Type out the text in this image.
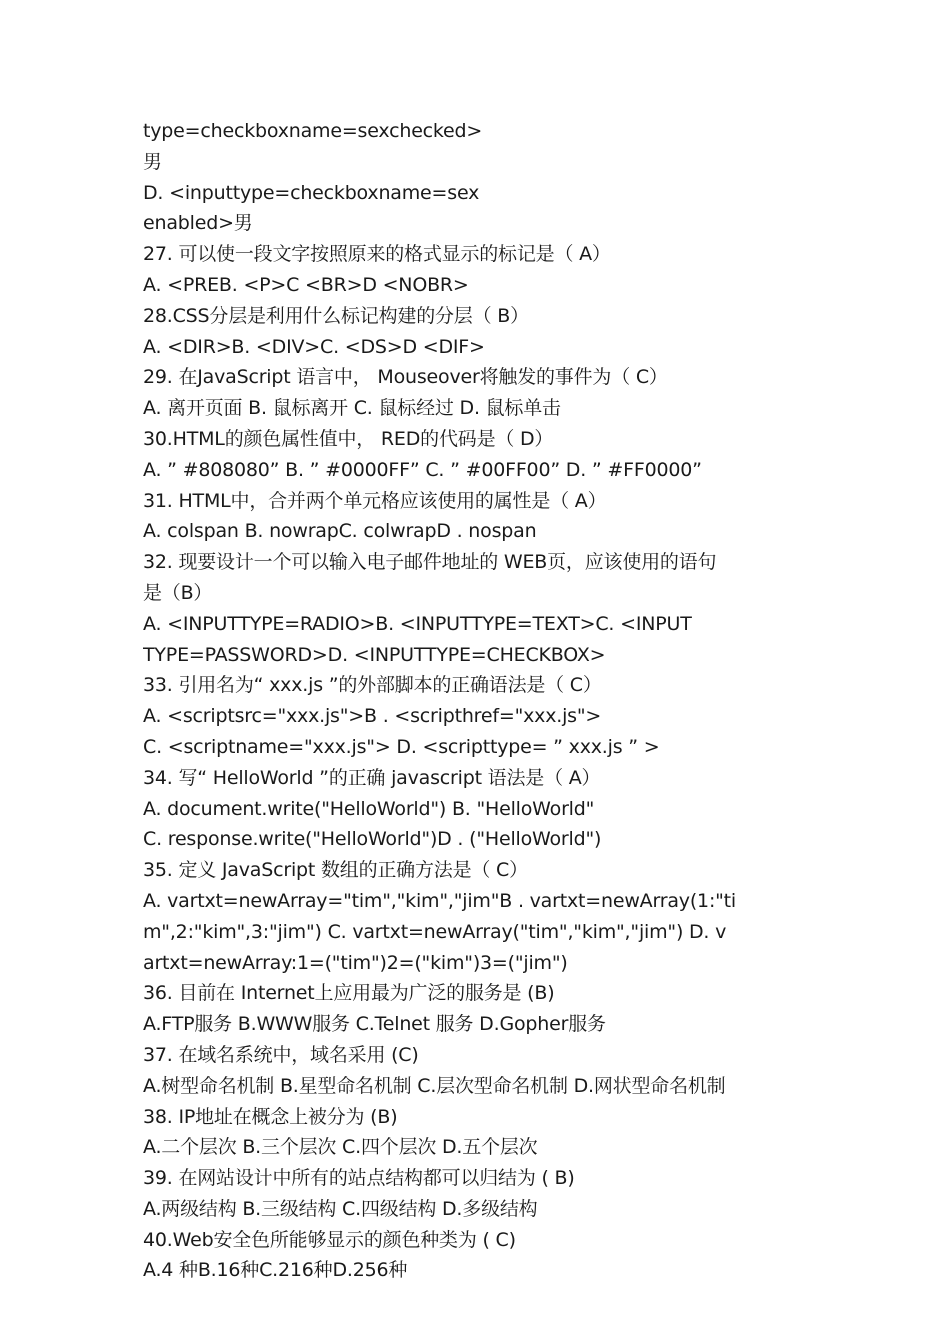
type=checkboxname=sexchecked>
男
D. <inputtype=checkboxname=sex
enabled>男
27. 可以使一段文字按照原来的格式显示的标记是（ A）
A. <PREB. <P>C <BR>D <NOBR>
28.CSS分层是利用什么标记构建的分层（ B）
A. <DIR>B. <DIV>C. <DS>D <DIF>
29. 在JavaScript 语言中， Mouseover将触发的事件为（ C）
A. 离开页面 B. 鼠标离开 C. 鼠标经过 D. 鼠标单击
30.HTML的颜色属性值中， RED的代码是（ D）
A. ” #808080” B. ” #0000FF” C. ” #00FF00” D. ” #FF0000”
31. HTML中，合并两个单元格应该使用的属性是（ A）
A. colspan B. nowrapC. colwrapD . nospan
32. 现要设计一个可以输入电子邮件地址的 WEB页，应该使用的语句
是（B）
A. <INPUTTYPE=RADIO>B. <INPUTTYPE=TEXT>C. <INPUT
TYPE=PASSWORD>D. <INPUTTYPE=CHECKBOX>
33. 引用名为“ xxx.js ”的外部脚本的正确语法是（ C）
A. <scriptsrc="xxx.js">B . <scripthref="xxx.js">
C. <scriptname="xxx.js"> D. <scripttype= ” xxx.js ” >
34. 写“ HelloWorld ”的正确 javascript 语法是（ A）
A. document.write("HelloWorld") B. "HelloWorld"
C. response.write("HelloWorld")D . ("HelloWorld")
35. 定义 JavaScript 数组的正确方法是（ C）
A. vartxt=newArray="tim","kim","jim"B . vartxt=newArray(1:"ti
m",2:"kim",3:"jim") C. vartxt=newArray("tim","kim","jim") D. v
artxt=newArray:1=("tim")2=("kim")3=("jim")
36. 目前在 Internet上应用最为广泛的服务是 (B)
A.FTP服务 B.WWW服务 C.Telnet 服务 D.Gopher服务
37. 在域名系统中，域名采用 (C)
A.树型命名机制 B.星型命名机制 C.层次型命名机制 D.网状型命名机制
38. IP地址在概念上被分为 (B)
A.二个层次 B.三个层次 C.四个层次 D.五个层次
39. 在网站设计中所有的站点结构都可以归结为 ( B)
A.两级结构 B.三级结构 C.四级结构 D.多级结构
40.Web安全色所能够显示的颜色种类为 ( C)
A.4 种B.16种C.216种D.256种
